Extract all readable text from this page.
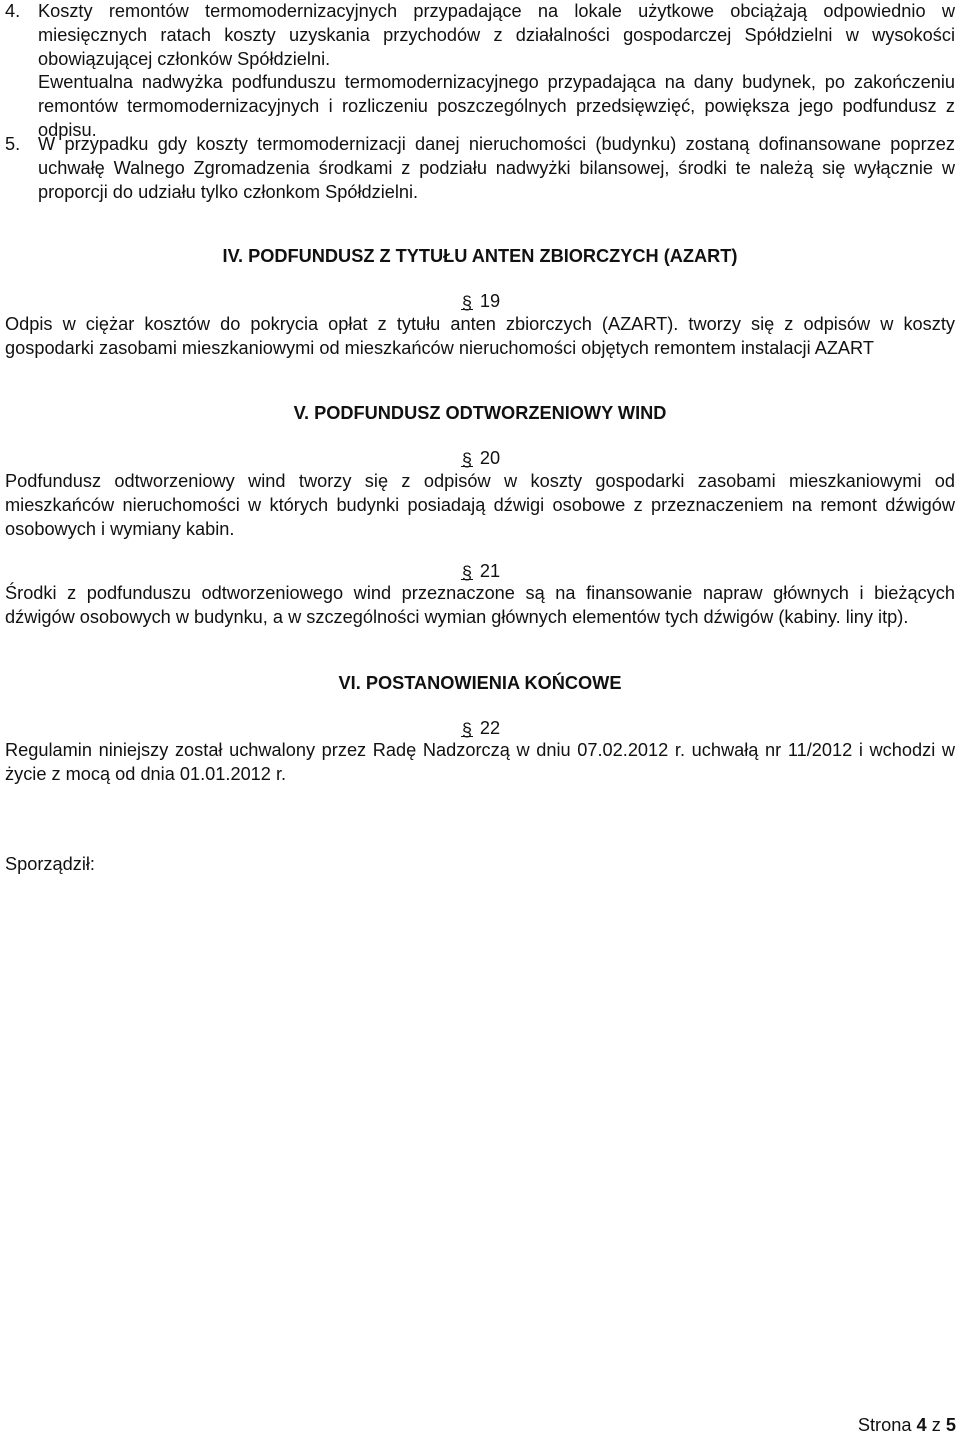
4. Koszty remontów termomodernizacyjnych przypadające na lokale użytkowe obciążają odpowiednio w miesięcznych ratach koszty uzyskania przychodów z działalności gospodarczej Spółdzielni w wysokości obowiązującej członków Spółdzielni.

Ewentualna nadwyżka podfunduszu termomodernizacyjnego przypadająca na dany budynek, po zakończeniu remontów termomodernizacyjnych i rozliczeniu poszczególnych przedsięwzięć, powiększa jego podfundusz z odpisu.

5. W przypadku gdy koszty termomodernizacji danej nieruchomości (budynku) zostaną dofinansowane poprzez uchwałę Walnego Zgromadzenia środkami z podziału nadwyżki bilansowej, środki te należą się wyłącznie w proporcji do udziału tylko członkom Spółdzielni.

IV. PODFUNDUSZ Z TYTUŁU ANTEN ZBIORCZYCH (AZART)

§ 19

Odpis w ciężar kosztów do pokrycia opłat z tytułu anten zbiorczych (AZART). tworzy się z odpisów w koszty gospodarki zasobami mieszkaniowymi od mieszkańców nieruchomości objętych remontem instalacji AZART

V. PODFUNDUSZ ODTWORZENIOWY WIND

§ 20

Podfundusz odtworzeniowy wind tworzy się z odpisów w koszty gospodarki zasobami mieszkaniowymi od mieszkańców nieruchomości w których budynki posiadają dźwigi osobowe z przeznaczeniem na remont dźwigów osobowych i wymiany kabin.

§ 21

Środki z podfunduszu odtworzeniowego wind przeznaczone są na finansowanie napraw głównych i bieżących dźwigów osobowych w budynku, a w szczególności wymian głównych elementów tych dźwigów (kabiny. liny itp).

VI. POSTANOWIENIA KOŃCOWE

§ 22

Regulamin niniejszy został uchwalony przez Radę Nadzorczą w dniu 07.02.2012 r. uchwałą nr 11/2012 i wchodzi w życie z mocą od dnia 01.01.2012 r.

Sporządził:

Strona 4 z 5
